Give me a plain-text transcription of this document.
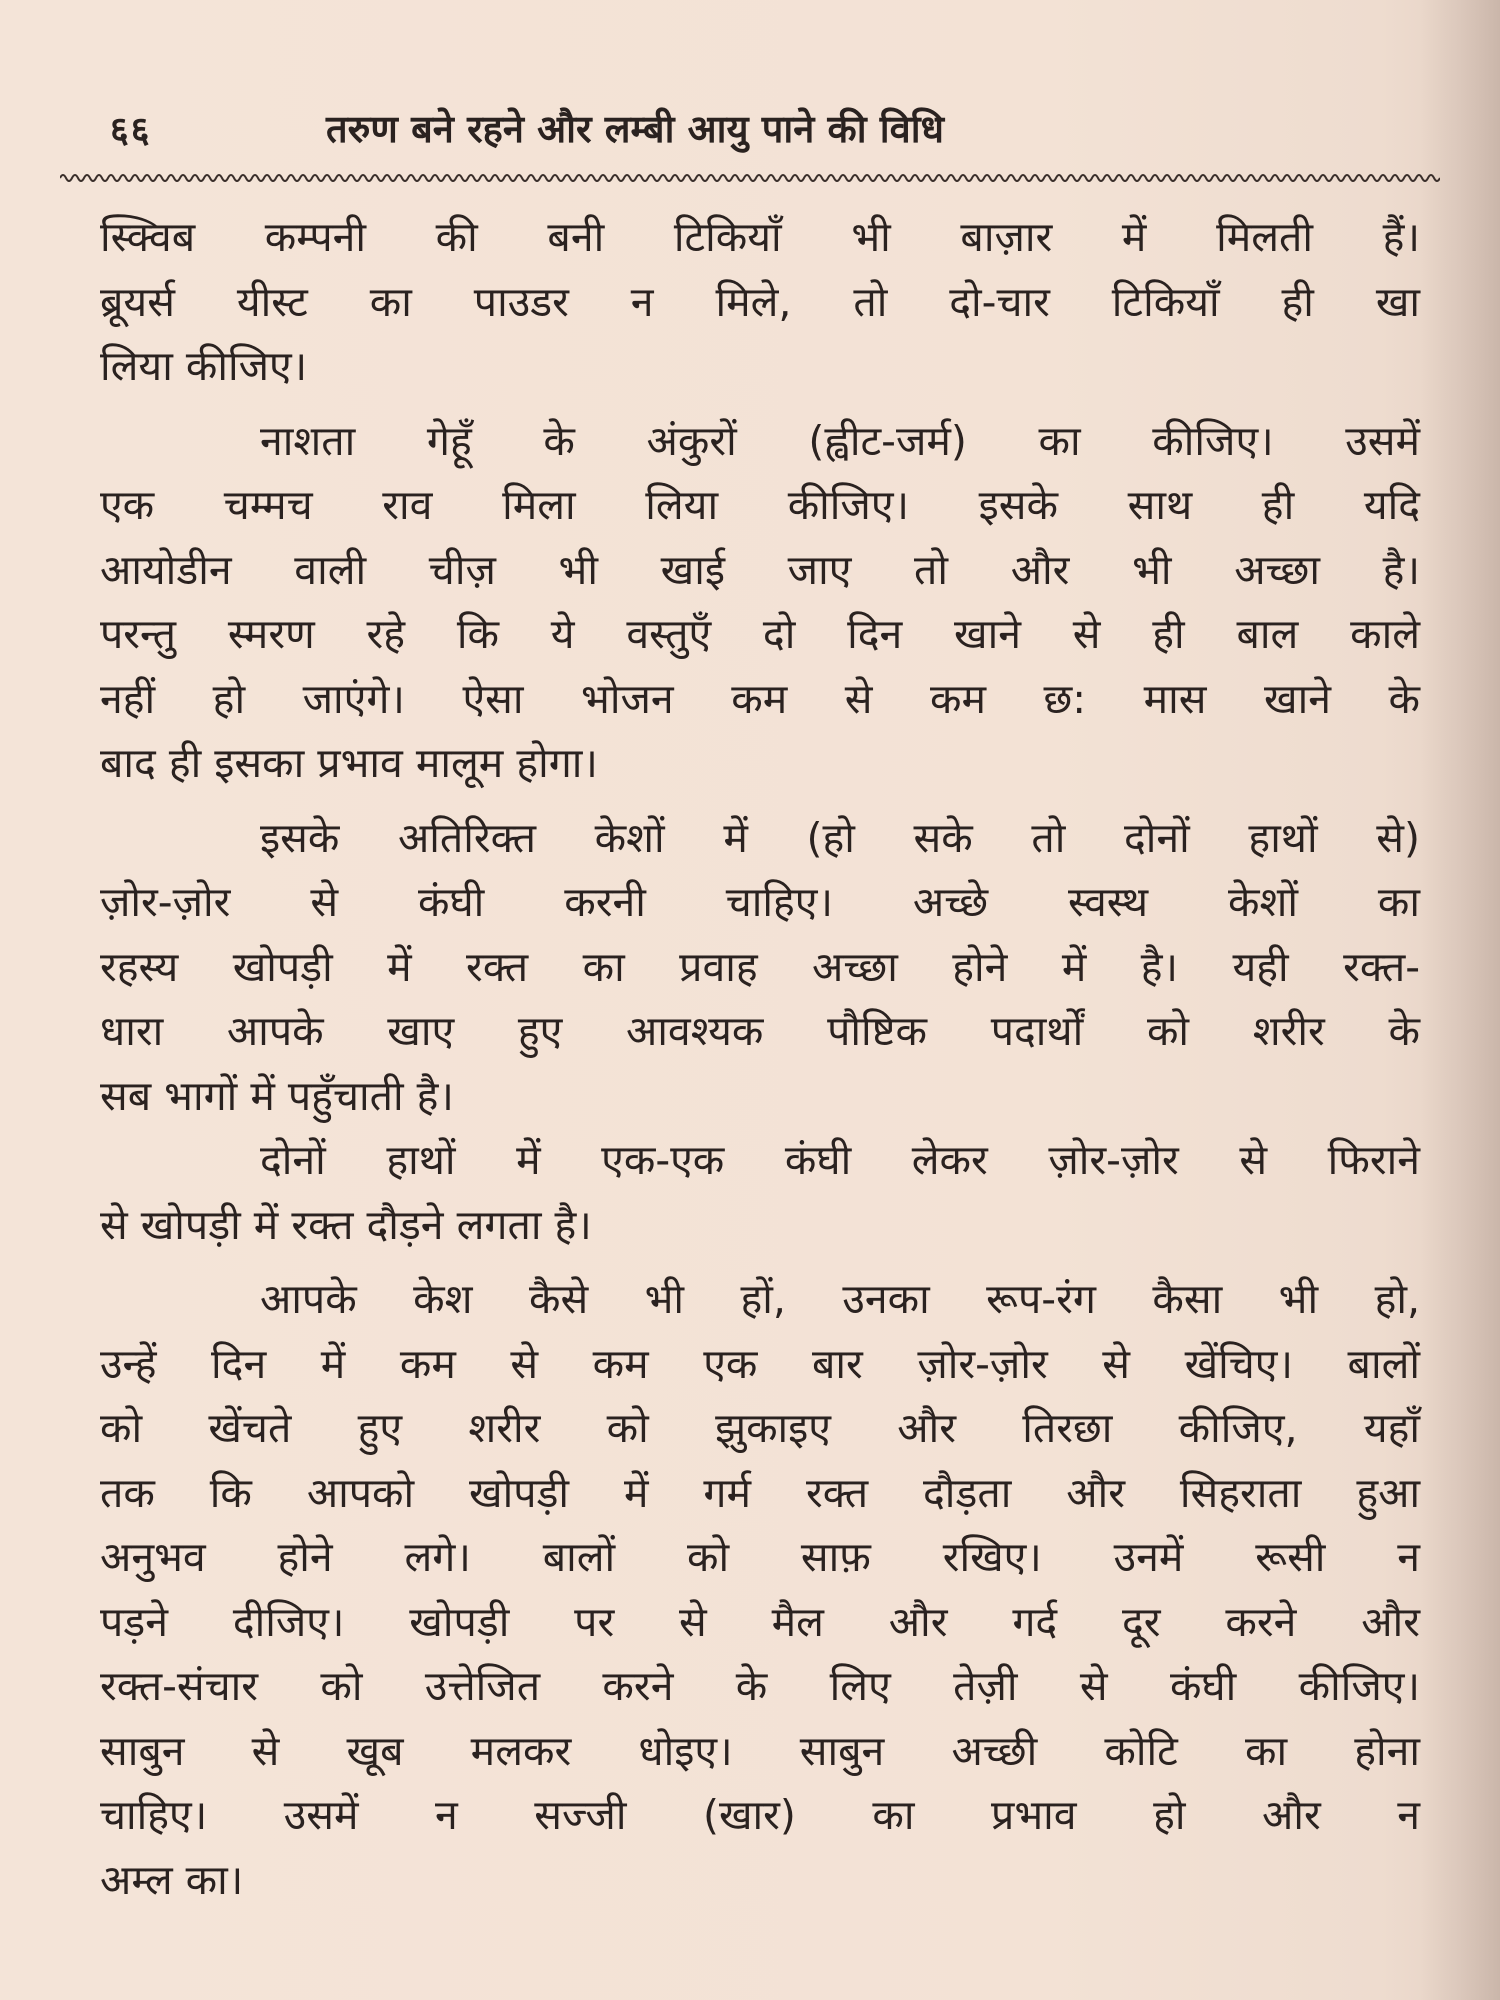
६६	तरुण बने रहने और लम्बी आयु पाने की विधि
स्क्विब कम्पनी की बनी टिकियाँ भी बाज़ार में मिलती हैं।
ब्रूयर्स यीस्ट का पाउडर न मिले, तो दो-चार टिकियाँ ही खा
लिया कीजिए।
नाशता गेहूँ के अंकुरों (ह्वीट-जर्म) का कीजिए। उसमें
एक चम्मच राव मिला लिया कीजिए। इसके साथ ही यदि
आयोडीन वाली चीज़ भी खाई जाए तो और भी अच्छा है।
परन्तु स्मरण रहे कि ये वस्तुएँ दो दिन खाने से ही बाल काले
नहीं हो जाएंगे। ऐसा भोजन कम से कम छ: मास खाने के
बाद ही इसका प्रभाव मालूम होगा।
इसके अतिरिक्त केशों में (हो सके तो दोनों हाथों से)
ज़ोर-ज़ोर से कंघी करनी चाहिए। अच्छे स्वस्थ केशों का
रहस्य खोपड़ी में रक्त का प्रवाह अच्छा होने में है। यही रक्त-
धारा आपके खाए हुए आवश्यक पौष्टिक पदार्थों को शरीर के
सब भागों में पहुँचाती है।
दोनों हाथों में एक-एक कंघी लेकर ज़ोर-ज़ोर से फिराने
से खोपड़ी में रक्त दौड़ने लगता है।
आपके केश कैसे भी हों, उनका रूप-रंग कैसा भी हो,
उन्हें दिन में कम से कम एक बार ज़ोर-ज़ोर से खेंचिए। बालों
को खेंचते हुए शरीर को झुकाइए और तिरछा कीजिए, यहाँ
तक कि आपको खोपड़ी में गर्म रक्त दौड़ता और सिहराता हुआ
अनुभव होने लगे। बालों को साफ़ रखिए। उनमें रूसी न
पड़ने दीजिए। खोपड़ी पर से मैल और गर्द दूर करने और
रक्त-संचार को उत्तेजित करने के लिए तेज़ी से कंघी कीजिए।
साबुन से खूब मलकर धोइए। साबुन अच्छी कोटि का होना
चाहिए। उसमें न सज्जी (खार) का प्रभाव हो और न
अम्ल का।
